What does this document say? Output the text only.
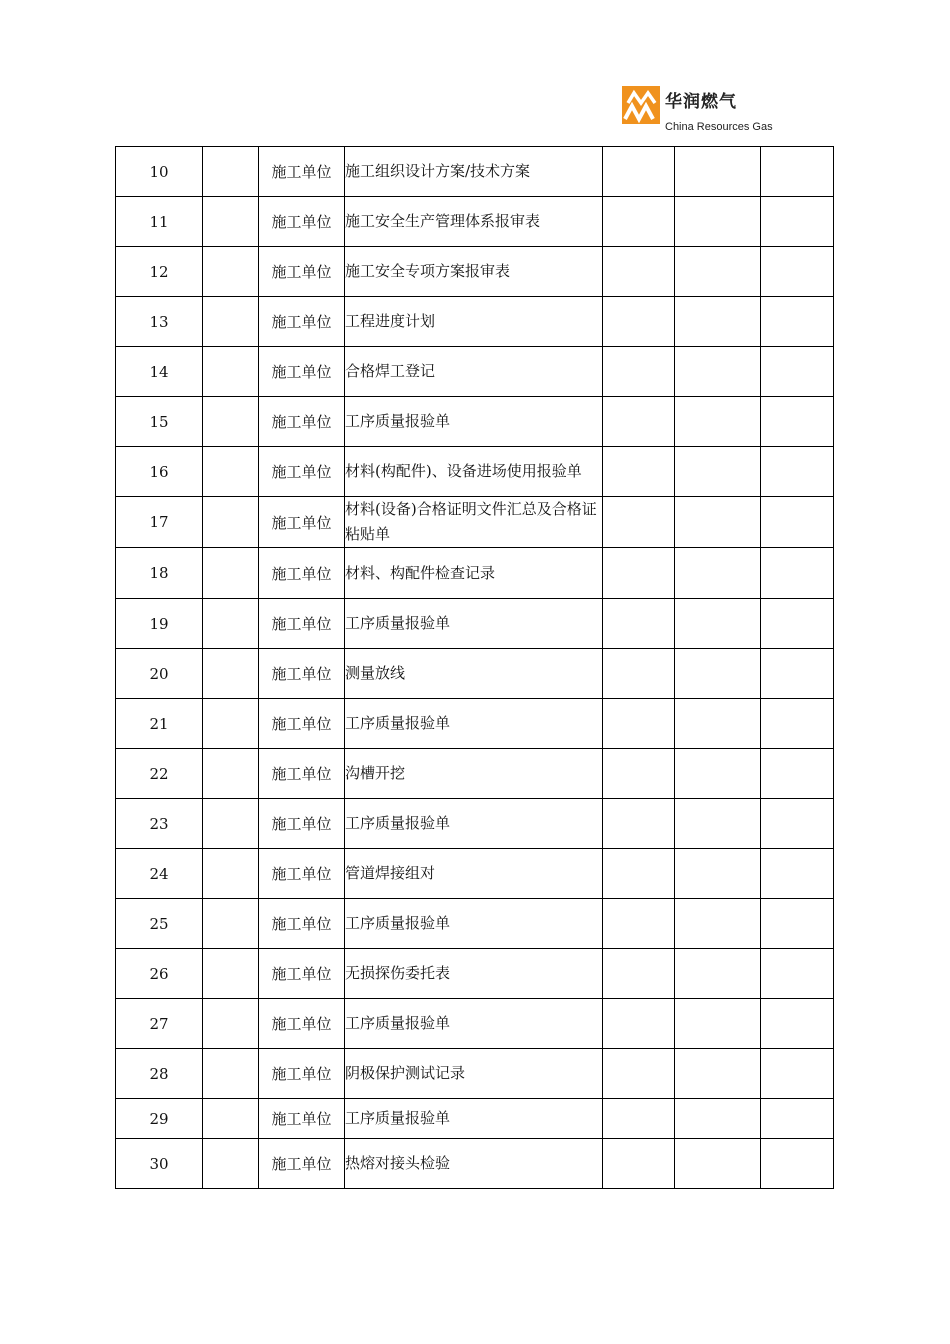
华润燃气
China Resources Gas
10		施工单位	施工组织设计方案/技术方案			
11		施工单位	施工安全生产管理体系报审表			
12		施工单位	施工安全专项方案报审表			
13		施工单位	工程进度计划			
14		施工单位	合格焊工登记			
15		施工单位	工序质量报验单			
16		施工单位	材料(构配件)、设备进场使用报验单			
17		施工单位	材料(设备)合格证明文件汇总及合格证粘贴单			
18		施工单位	材料、构配件检查记录			
19		施工单位	工序质量报验单			
20		施工单位	测量放线			
21		施工单位	工序质量报验单			
22		施工单位	沟槽开挖			
23		施工单位	工序质量报验单			
24		施工单位	管道焊接组对			
25		施工单位	工序质量报验单			
26		施工单位	无损探伤委托表			
27		施工单位	工序质量报验单			
28		施工单位	阴极保护测试记录			
29		施工单位	工序质量报验单			
30		施工单位	热熔对接头检验			
